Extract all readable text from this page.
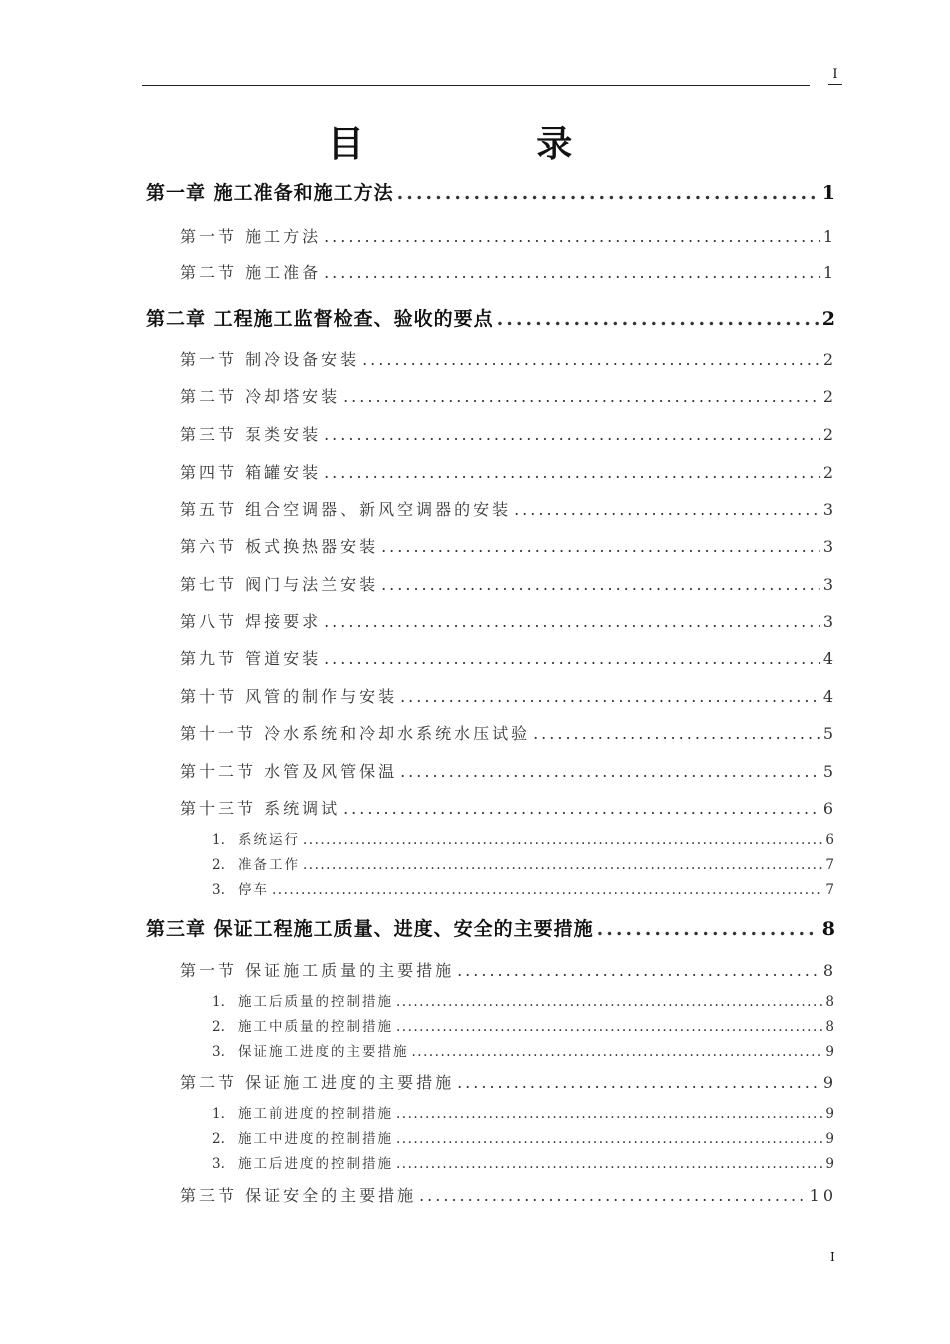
I
目 录
第一章 施工准备和施工方法 .....	1
第一节 施工方法 .....	1
第二节 施工准备 .....	1
第二章 工程施工监督检查、验收的要点 .....	2
第一节 制冷设备安装 .....	2
第二节 冷却塔安装 .....	2
第三节 泵类安装 .....	2
第四节 箱罐安装 .....	2
第五节 组合空调器、新风空调器的安装 .....	3
第六节 板式换热器安装 .....	3
第七节 阀门与法兰安装 .....	3
第八节 焊接要求 .....	3
第九节 管道安装 .....	4
第十节 风管的制作与安装 .....	4
第十一节 冷水系统和冷却水系统水压试验 .....	5
第十二节 水管及风管保温 .....	5
第十三节 系统调试 .....	6
1. 系统运行 .....	6
2. 准备工作 .....	7
3. 停车 .....	7
第三章 保证工程施工质量、进度、安全的主要措施 .....	8
第一节 保证施工质量的主要措施 .....	8
1. 施工后质量的控制措施 .....	8
2. 施工中质量的控制措施 .....	8
3. 保证施工进度的主要措施 .....	9
第二节 保证施工进度的主要措施 .....	9
1. 施工前进度的控制措施 .....	9
2. 施工中进度的控制措施 .....	9
3. 施工后进度的控制措施 .....	9
第三节 保证安全的主要措施 .....	10
I
